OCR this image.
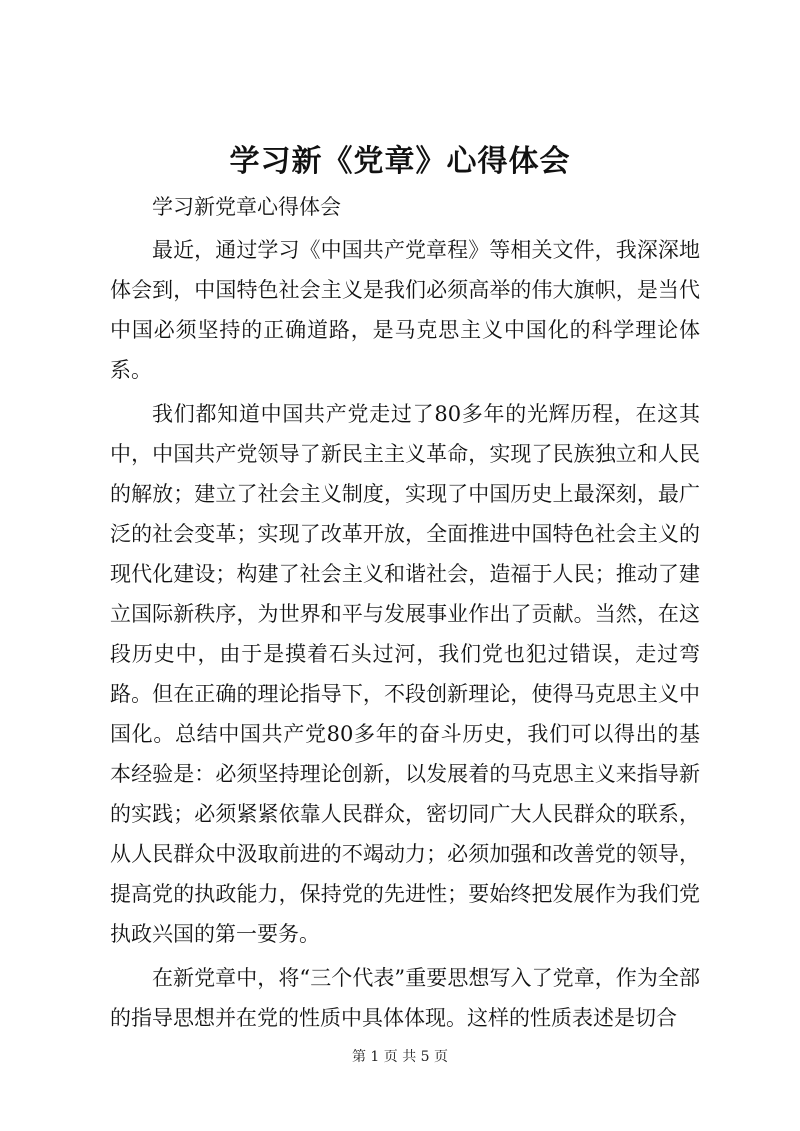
学习新《党章》心得体会

学习新党章心得体会

最近，通过学习《中国共产党章程》等相关文件，我深深地体会到，中国特色社会主义是我们必须高举的伟大旗帜，是当代中国必须坚持的正确道路，是马克思主义中国化的科学理论体系。

我们都知道中国共产党走过了80多年的光辉历程，在这其中，中国共产党领导了新民主主义革命，实现了民族独立和人民的解放；建立了社会主义制度，实现了中国历史上最深刻，最广泛的社会变革；实现了改革开放，全面推进中国特色社会主义的现代化建设；构建了社会主义和谐社会，造福于人民；推动了建立国际新秩序，为世界和平与发展事业作出了贡献。当然，在这段历史中，由于是摸着石头过河，我们党也犯过错误，走过弯路。但在正确的理论指导下，不段创新理论，使得马克思主义中国化。总结中国共产党80多年的奋斗历史，我们可以得出的基本经验是：必须坚持理论创新，以发展着的马克思主义来指导新的实践；必须紧紧依靠人民群众，密切同广大人民群众的联系，从人民群众中汲取前进的不竭动力；必须加强和改善党的领导，提高党的执政能力，保持党的先进性；要始终把发展作为我们党执政兴国的第一要务。

在新党章中，将“三个代表”重要思想写入了党章，作为全部的指导思想并在党的性质中具体体现。这样的性质表述是切合

第 1 页 共 5 页
